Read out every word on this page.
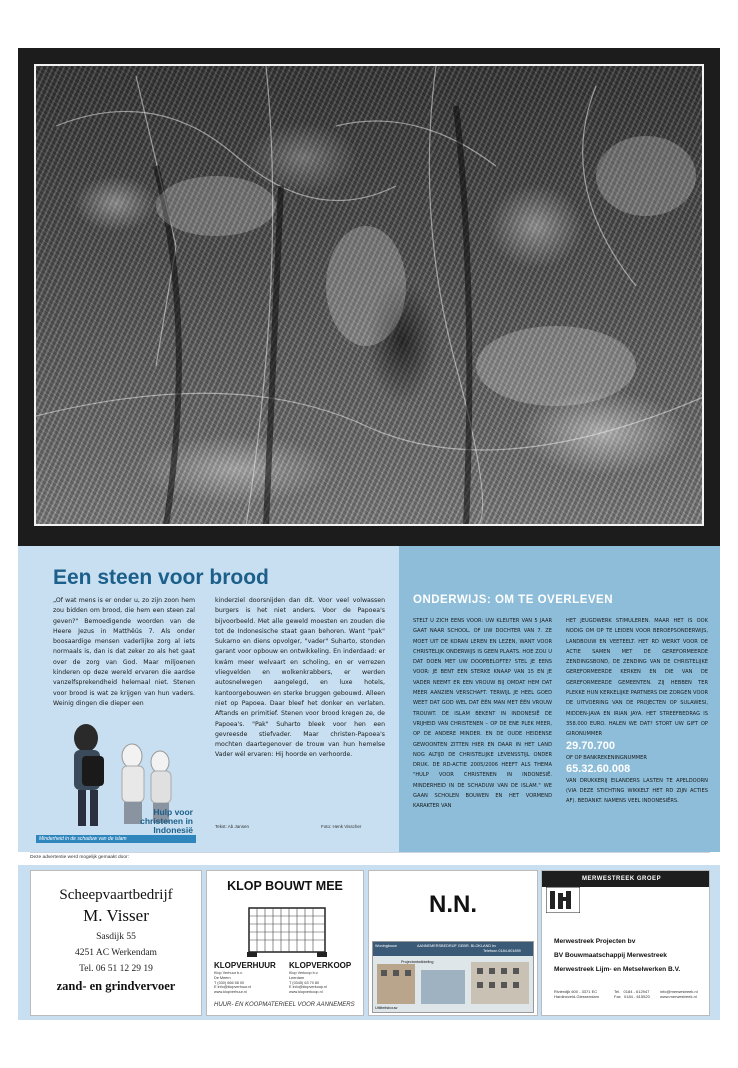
Een steen voor brood
„Of wat mens is er onder u, zo zijn zoon hem zou bidden om brood, die hem een steen zal geven?" Bemoedigende woorden van de Heere Jezus in Matthëüs 7. Als onder boosaardige mensen vaderlijke zorg al iets normaals is, dan is dat zeker zo als het gaat over de zorg van God. Maar miljoenen kinderen op deze wereld ervaren die aardse vanzelfsprekendheid helemaal niet. Stenen voor brood is wat ze krijgen van hun vaders. Weinig dingen die dieper een
kinderziel doorsnijden dan dit. Voor veel volwassen burgers is het niet anders. Voor de Papoea's bijvoorbeeld. Met alle geweld moesten en zouden die tot de Indonesische staat gaan behoren. Want "pak" Sukarno en diens opvolger, "vader" Suharto, stonden garant voor opbouw en ontwikkeling. En inderdaad: er kwám meer welvaart en scholing, en er verrezen vliegvelden en wolkenkrabbers, er werden autosnelwegen aangelegd, en luxe hotels, kantoorgebouwen en sterke bruggen gebouwd. Alleen niet op Papoea. Daar bleef het donker en verlaten. Aftands en primitief. Stenen voor brood kregen ze, de Papoea's. "Pak" Suharto bleek voor hen een gevreesde stiefvader. Maar christen-Papoea's mochten daartegenover de trouw van hun hemelse Vader wél ervaren: Hij hoorde en verhoorde.
Hulp voor christenen in Indonesië
Minderheid in de schaduw van de islam
Tekst: Ab Jansen	Foto: Henk Visscher
ONDERWIJS: OM TE OVERLEVEN
STELT U ZICH EENS VOOR: UW KLEUTER VAN 5 JAAR GAAT NAAR SCHOOL. OF UW DOCHTER VAN 7. ZE MOET UIT DE KORAN LEREN EN LEZEN, WANT VOOR CHRISTELIJK ONDERWIJS IS GEEN PLAATS. HOE ZOU U DAT DOEN MET UW DOOPBELOFTE? STEL JE EENS VOOR: JE BENT EEN STERKE KNAAP VAN 15 EN JE VADER NEEMT ER EEN VROUW BIJ OMDAT HEM DAT MEER AANZIEN VERSCHAFT. TERWIJL JE HEEL GOED WEET DAT GOD WEL DAT ÉÉN MAN MET ÉÉN VROUW TROUWT. DE ISLAM BEKENT IN INDONESIË DE VRIJHEID VAN CHRISTENEN – OP DE ENE PLEK MEER, OP DE ANDERE MINDER. EN DE OUDE HEIDENSE GEWOONTEN ZITTEN HIER EN DAAR IN HET LAND NOG ALTIJD DE CHRISTELIJKE LEVENSSTIJL ONDER DRUK. DE RD-ACTIE 2005/2006 HEEFT ALS THEMA "HULP VOOR CHRISTENEN IN INDONESIË. MINDERHEID IN DE SCHADUW VAN DE ISLAM." WE GAAN SCHOLEN BOUWEN EN HET VORMEND KARAKTER VAN
HET JEUGDWERK STIMULEREN. MAAR HET IS OOK NODIG OM OP TE LEIDEN VOOR BEROEPSONDERWIJS, LANDBOUW EN VEETEELT. HET RD WERKT VOOR DE ACTIE SAMEN MET DE GEREFORMEERDE ZENDINGSBOND, DE ZENDING VAN DE CHRISTELIJKE GEREFORMEERDE KERKEN EN DIE VAN DE GEREFORMEERDE GEMEENTEN. ZIJ HEBBEN TER PLEKKE HUN KERKELIJKE PARTNERS DIE ZORGEN VOOR DE UITVOERING VAN DE PROJECTEN OP SULAWESI, MIDDEN-JAVA EN IRIAN JAYA. HET STREEFBEDRAG IS 358.000 EURO. HALEN WE DAT? STORT UW GIFT OP GIRONUMMER
29.70.700
OF OP BANKREKENINGNUMMER
65.32.60.008
VAN DRUKKERIJ EILANDERS LASTEN TE APELDOORN (VIA DEZE STICHTING WIKKELT HET RD ZIJN ACTIES AF). BEDANKT. NAMENS VEEL INDONESIËRS.
Deze advertentie werd mogelijk gemaakt door:
Scheepvaartbedrijf
M. Visser
Sasdijk 55
4251 AC Werkendam
Tel. 06 51 12 29 19
zand- en grindvervoer
KLOP BOUWT MEE
KLOPVERHUUR KLOPVERKOOP
Klop Verhuur b.v.
De Meern
T (030) 666 58 00
E info@klopverhuur.nl
www.klopverhuur.nl
Klop Verkoop b.v.
Leerdam
T (0345) 63 70 80
E info@klopverkoop.nl
www.klopverkoop.nl
HUUR- EN KOOPMATERIEEL VOOR AANNEMERS
N.N.
Woningbouw	AANNEMERSBEDRIJF GEBR. BLOKLAND bv
Telefoon 0184-601899
Projectontwikkeling
Utiliteitsbouw
MERWESTREEK GROEP
Merwestreek Projecten bv
BV Bouwmaatschappij Merwestreek
Merwestreek Lijm- en Metselwerken B.V.
Rivierdijk 600 - 3371 EC
Hardinxveld-Giessendam
Tel.   0184 - 612947
Fax   0184 - 615520
info@merwestreek.nl
www.merwestreek.nl
